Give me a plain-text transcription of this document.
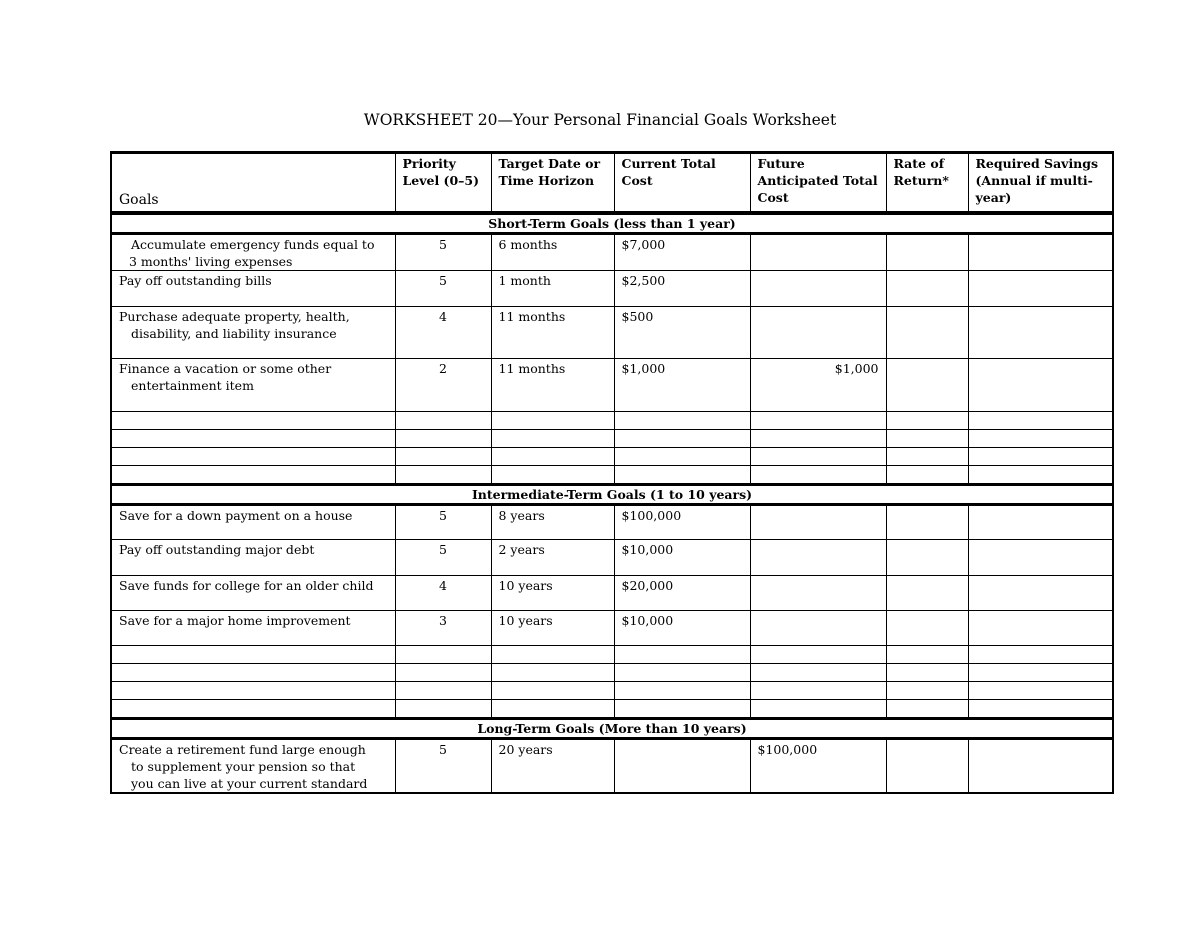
WORKSHEET 20—Your Personal Financial Goals Worksheet
Goals	Priority Level (0–5)	Target Date or Time Horizon	Current Total Cost	Future Anticipated Total Cost	Rate of Return*	Required Savings (Annual if multi-year)
Short-Term Goals (less than 1 year)						

Accumulate emergency funds equal to
3 months' living expenses	5	6 months	$7,000			
Pay off outstanding bills	5	1 month	$2,500			

Purchase adequate property, health,
disability, and liability insurance	4	11 months	$500			

Finance a vacation or some other
entertainment item	2	11 months	$1,000	$1,000		

Intermediate-Term Goals (1 to 10 years)						
Save for a down payment on a house	5	8 years	$100,000			
Pay off outstanding major debt	5	2 years	$10,000			
Save funds for college for an older child	4	10 years	$20,000			
Save for a major home improvement	3	10 years	$10,000			

Long-Term Goals (More than 10 years)						

Create a retirement fund large enough
to supplement your pension so that
you can live at your current standard	5	20 years		$100,000		
